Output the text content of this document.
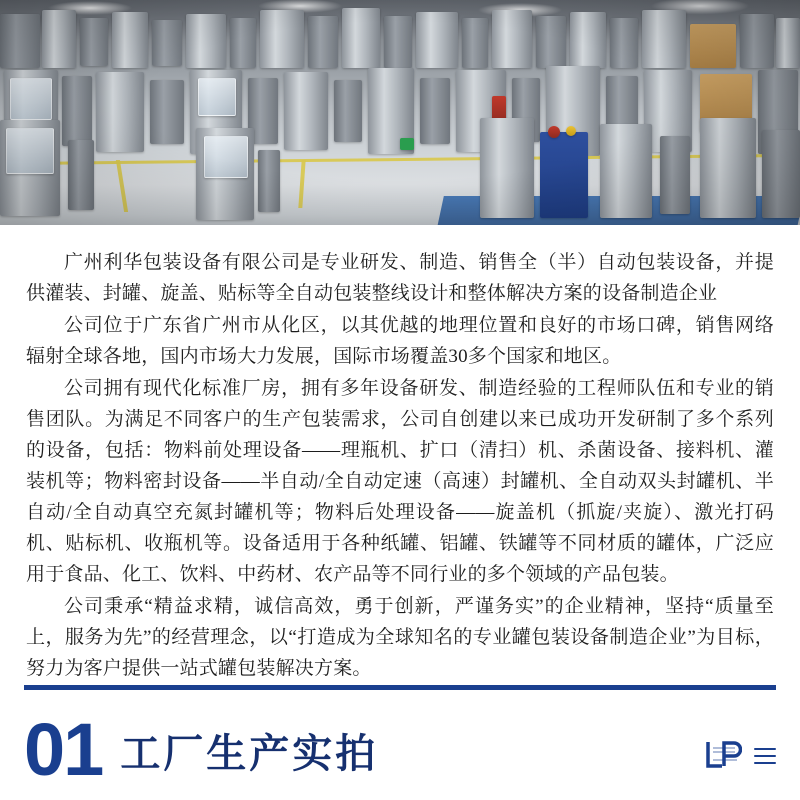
广州利华包装设备有限公司是专业研发、制造、销售全（半）自动包装设备，并提供灌装、封罐、旋盖、贴标等全自动包装整线设计和整体解决方案的设备制造企业

公司位于广东省广州市从化区，以其优越的地理位置和良好的市场口碑，销售网络辐射全球各地，国内市场大力发展，国际市场覆盖30多个国家和地区。

公司拥有现代化标准厂房，拥有多年设备研发、制造经验的工程师队伍和专业的销售团队。为满足不同客户的生产包装需求，公司自创建以来已成功开发研制了多个系列的设备，包括：物料前处理设备——理瓶机、扩口（清扫）机、杀菌设备、接料机、灌装机等；物料密封设备——半自动/全自动定速（高速）封罐机、全自动双头封罐机、半自动/全自动真空充氮封罐机等；物料后处理设备——旋盖机（抓旋/夹旋）、激光打码机、贴标机、收瓶机等。设备适用于各种纸罐、铝罐、铁罐等不同材质的罐体，广泛应用于食品、化工、饮料、中药材、农产品等不同行业的多个领域的产品包装。

公司秉承“精益求精，诚信高效，勇于创新，严谨务实”的企业精神，坚持“质量至上，服务为先”的经营理念，以“打造成为全球知名的专业罐包装设备制造企业”为目标，努力为客户提供一站式罐包装解决方案。

01 工厂生产实拍
